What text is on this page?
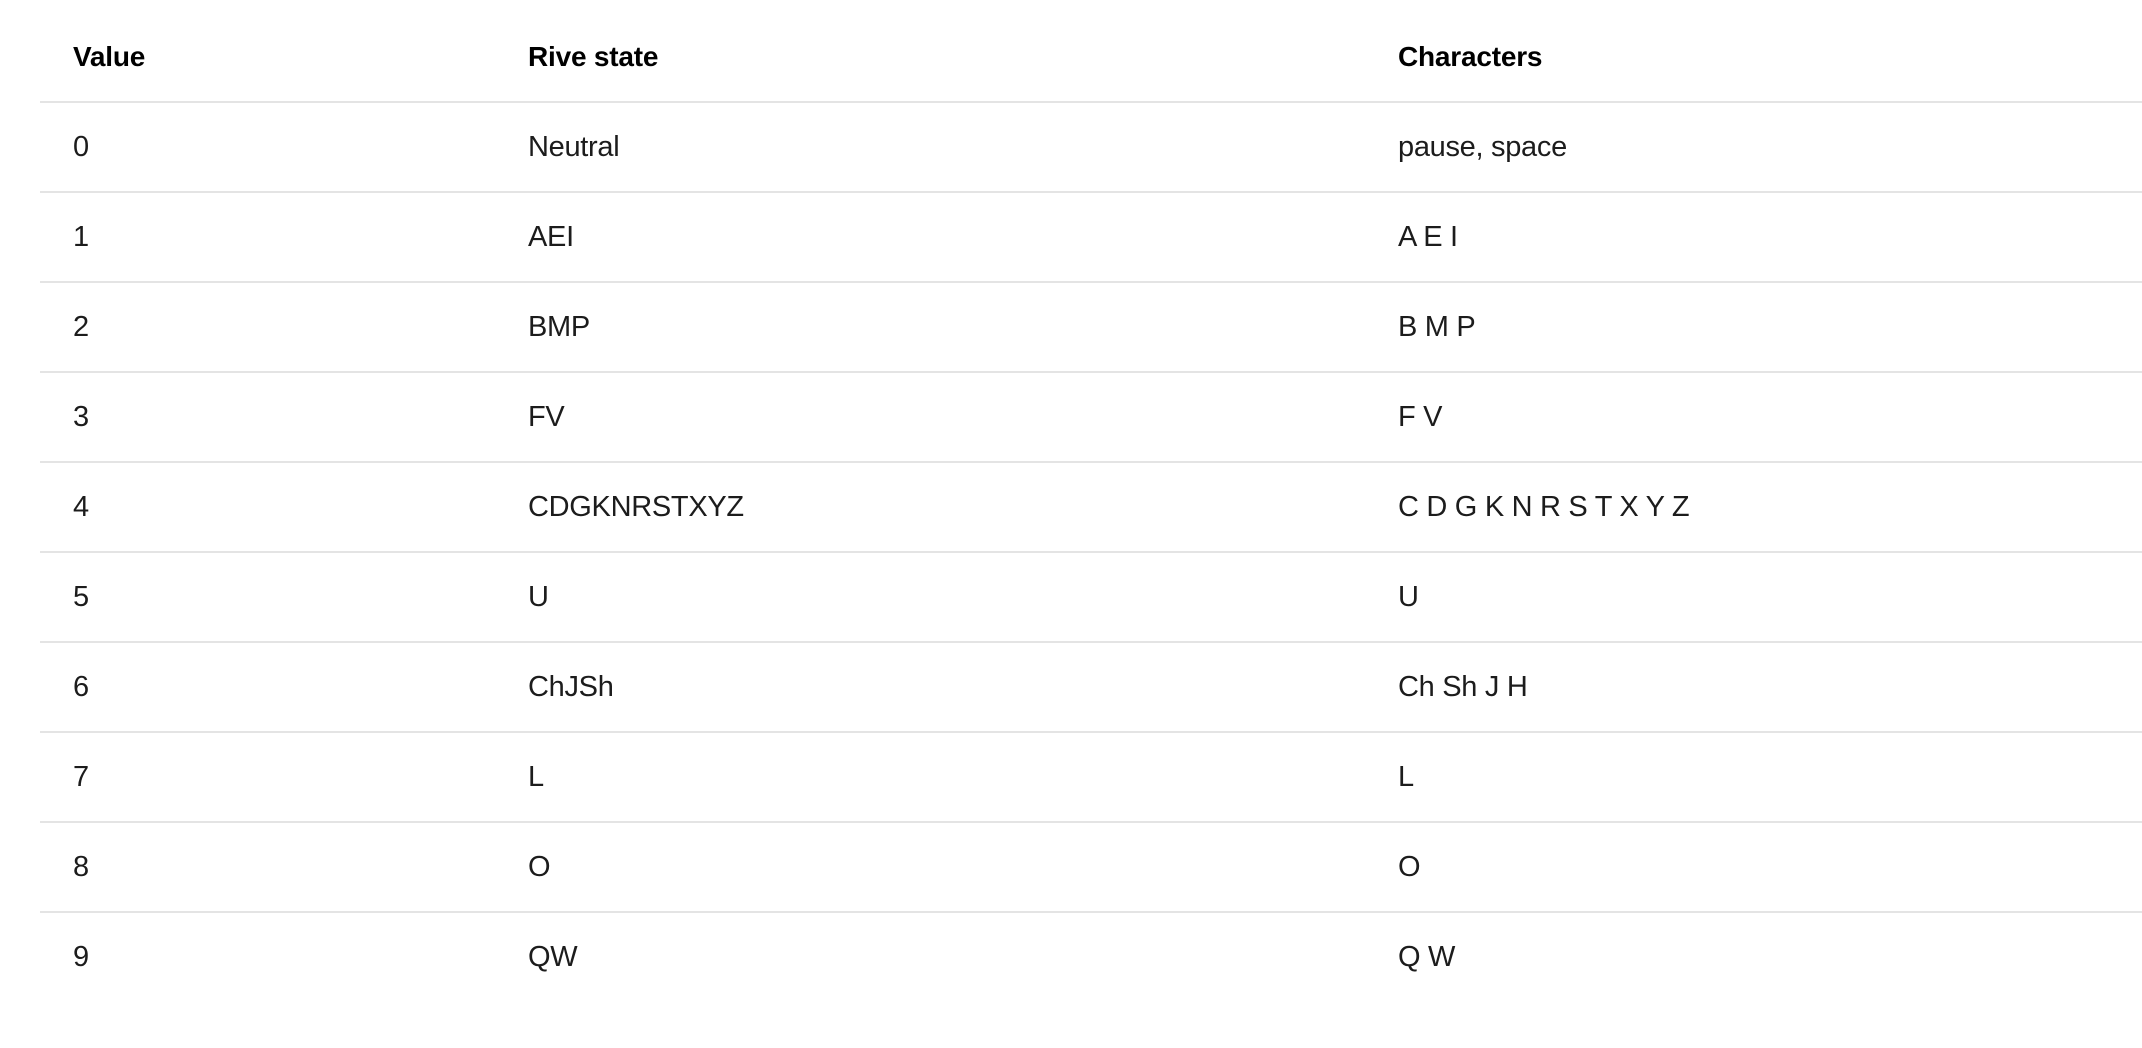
Value	Rive state	Characters
0	Neutral	pause, space
1	AEI	A E I
2	BMP	B M P
3	FV	F V
4	CDGKNRSTXYZ	C D G K N R S T X Y Z
5	U	U
6	ChJSh	Ch Sh J H
7	L	L
8	O	O
9	QW	Q W
